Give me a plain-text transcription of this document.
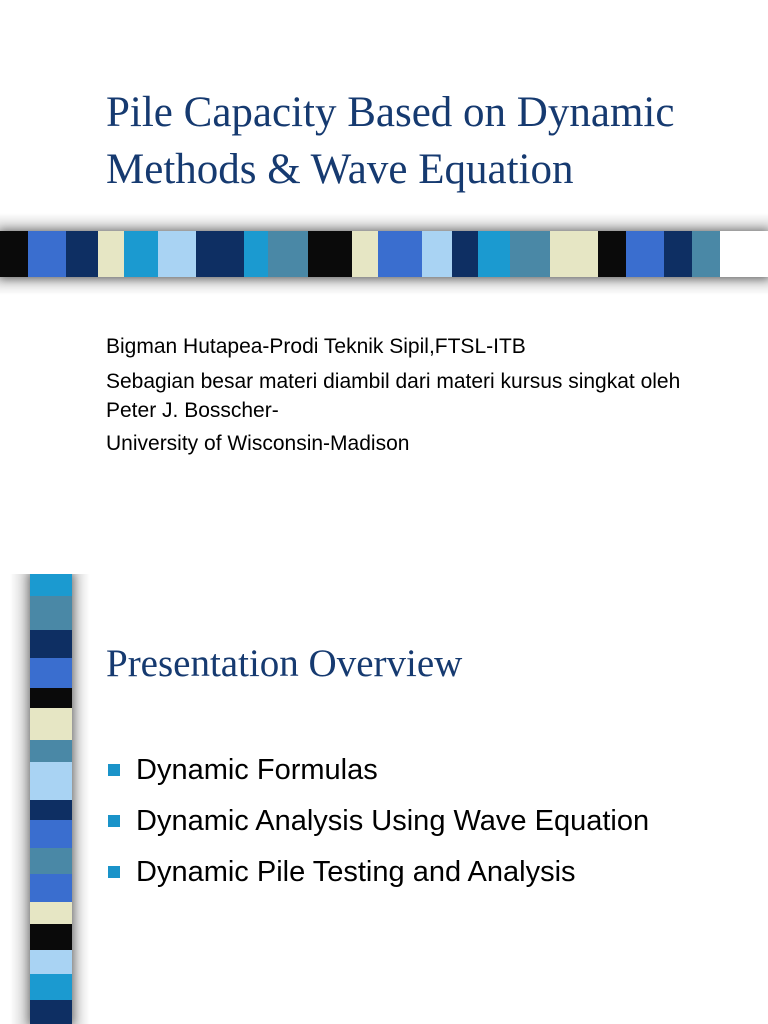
Pile Capacity Based on Dynamic Methods & Wave Equation
Bigman Hutapea-Prodi Teknik Sipil,FTSL-ITB
Sebagian besar materi diambil dari materi kursus singkat oleh Peter J. Bosscher-
University of Wisconsin-Madison
Presentation Overview
Dynamic Formulas
Dynamic Analysis Using Wave Equation
Dynamic Pile Testing and Analysis
